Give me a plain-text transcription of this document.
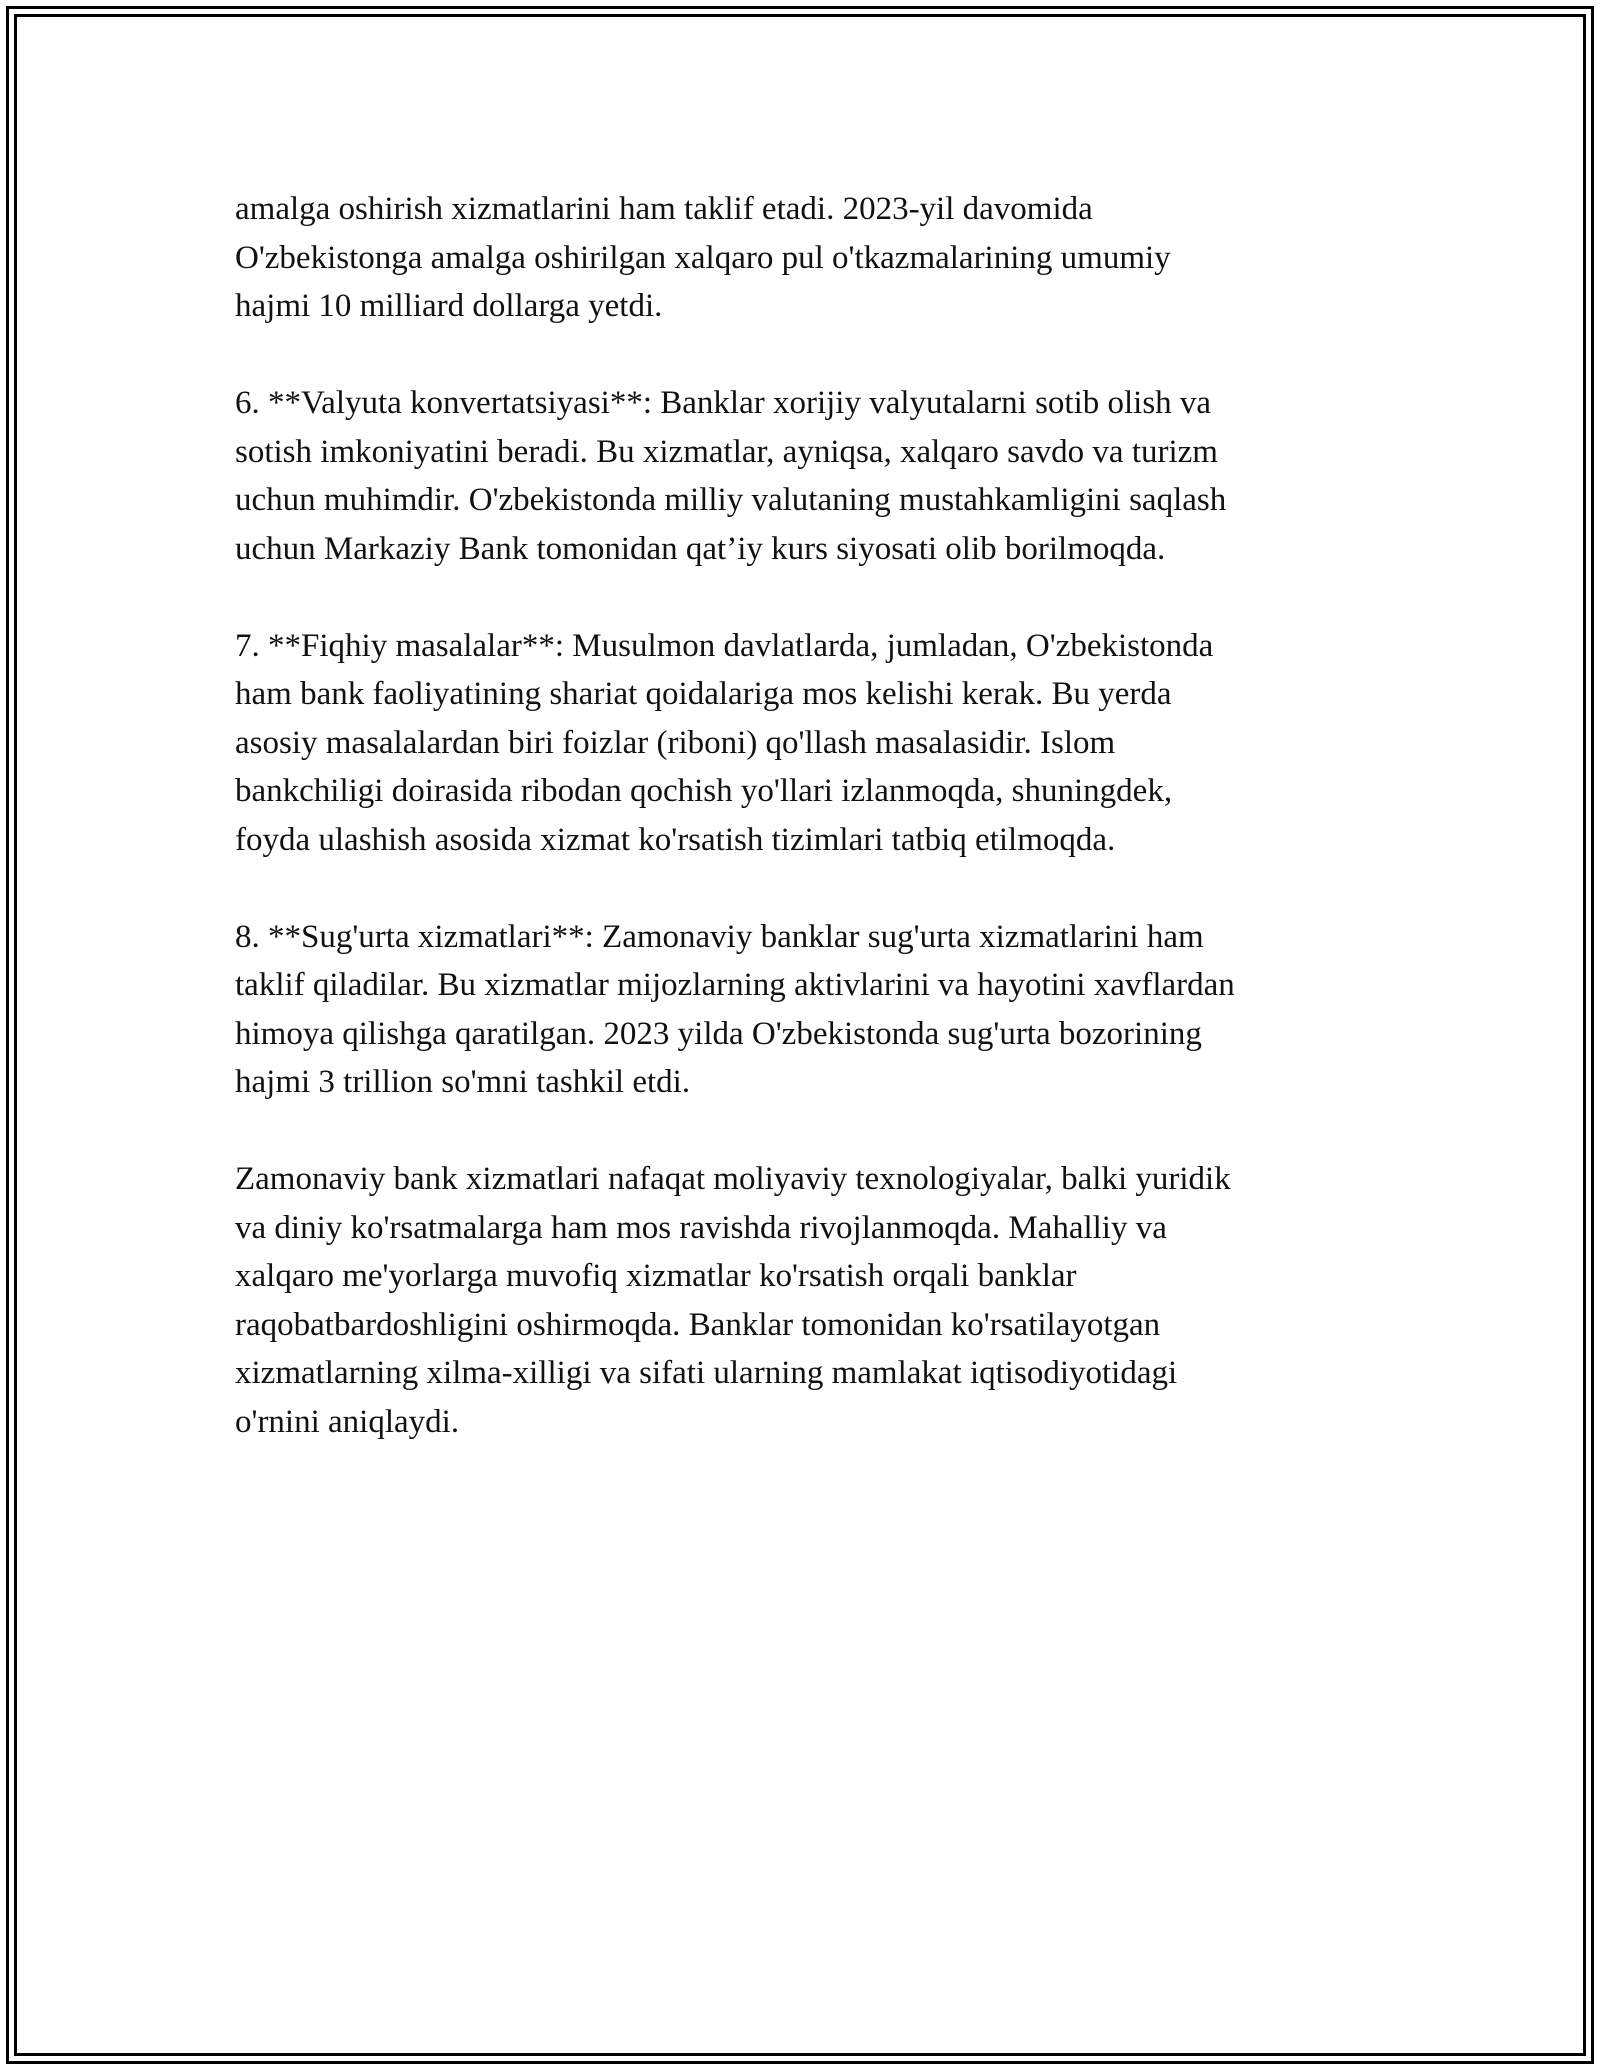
amalga oshirish xizmatlarini ham taklif etadi. 2023-yil davomida
O'zbekistonga amalga oshirilgan xalqaro pul o'tkazmalarining umumiy
hajmi 10 milliard dollarga yetdi.

6. **Valyuta konvertatsiyasi**: Banklar xorijiy valyutalarni sotib olish va
sotish imkoniyatini beradi. Bu xizmatlar, ayniqsa, xalqaro savdo va turizm
uchun muhimdir. O'zbekistonda milliy valutaning mustahkamligini saqlash
uchun Markaziy Bank tomonidan qat’iy kurs siyosati olib borilmoqda.

7. **Fiqhiy masalalar**: Musulmon davlatlarda, jumladan, O'zbekistonda
ham bank faoliyatining shariat qoidalariga mos kelishi kerak. Bu yerda
asosiy masalalardan biri foizlar (riboni) qo'llash masalasidir. Islom
bankchiligi doirasida ribodan qochish yo'llari izlanmoqda, shuningdek,
foyda ulashish asosida xizmat ko'rsatish tizimlari tatbiq etilmoqda.

8. **Sug'urta xizmatlari**: Zamonaviy banklar sug'urta xizmatlarini ham
taklif qiladilar. Bu xizmatlar mijozlarning aktivlarini va hayotini xavflardan
himoya qilishga qaratilgan. 2023 yilda O'zbekistonda sug'urta bozorining
hajmi 3 trillion so'mni tashkil etdi.

Zamonaviy bank xizmatlari nafaqat moliyaviy texnologiyalar, balki yuridik
va diniy ko'rsatmalarga ham mos ravishda rivojlanmoqda. Mahalliy va
xalqaro me'yorlarga muvofiq xizmatlar ko'rsatish orqali banklar
raqobatbardoshligini oshirmoqda. Banklar tomonidan ko'rsatilayotgan
xizmatlarning xilma-xilligi va sifati ularning mamlakat iqtisodiyotidagi
o'rnini aniqlaydi.
